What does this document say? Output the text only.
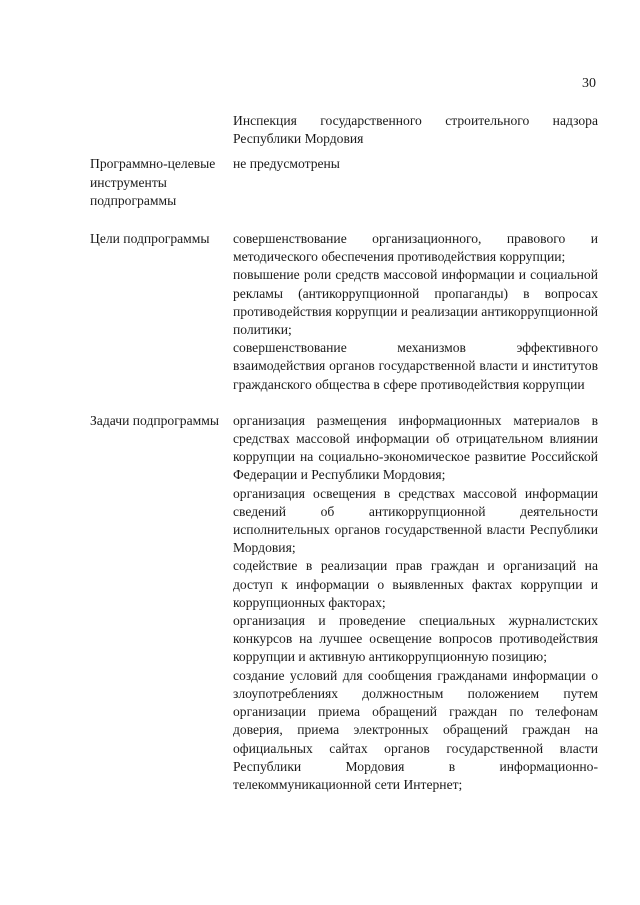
30
Инспекция государственного строительного надзора Республики Мордовия
Программно-целевые инструменты подпрограммы
не предусмотрены
Цели подпрограммы	совершенствование организационного, правового и методического обеспечения противодействия коррупции;
повышение роли средств массовой информации и социальной рекламы (антикоррупционной пропаганды) в вопросах противодействия коррупции и реализации антикоррупционной политики;
совершенствование механизмов эффективного взаимодействия органов государственной власти и институтов гражданского общества в сфере противодействия коррупции
Задачи подпрограммы	организация размещения информационных материалов в средствах массовой информации об отрицательном влиянии коррупции на социально-экономическое развитие Российской Федерации и Республики Мордовия;
организация освещения в средствах массовой информации сведений об антикоррупционной деятельности исполнительных органов государственной власти Республики Мордовия;
содействие в реализации прав граждан и организаций на доступ к информации о выявленных фактах коррупции и коррупционных факторах;
организация и проведение специальных журналистских конкурсов на лучшее освещение вопросов противодействия коррупции и активную антикоррупционную позицию;
создание условий для сообщения гражданами информации о злоупотреблениях должностным положением путем организации приема обращений граждан по телефонам доверия, приема электронных обращений граждан на официальных сайтах органов государственной власти Республики Мордовия в информационно-телекоммуникационной сети Интернет;
